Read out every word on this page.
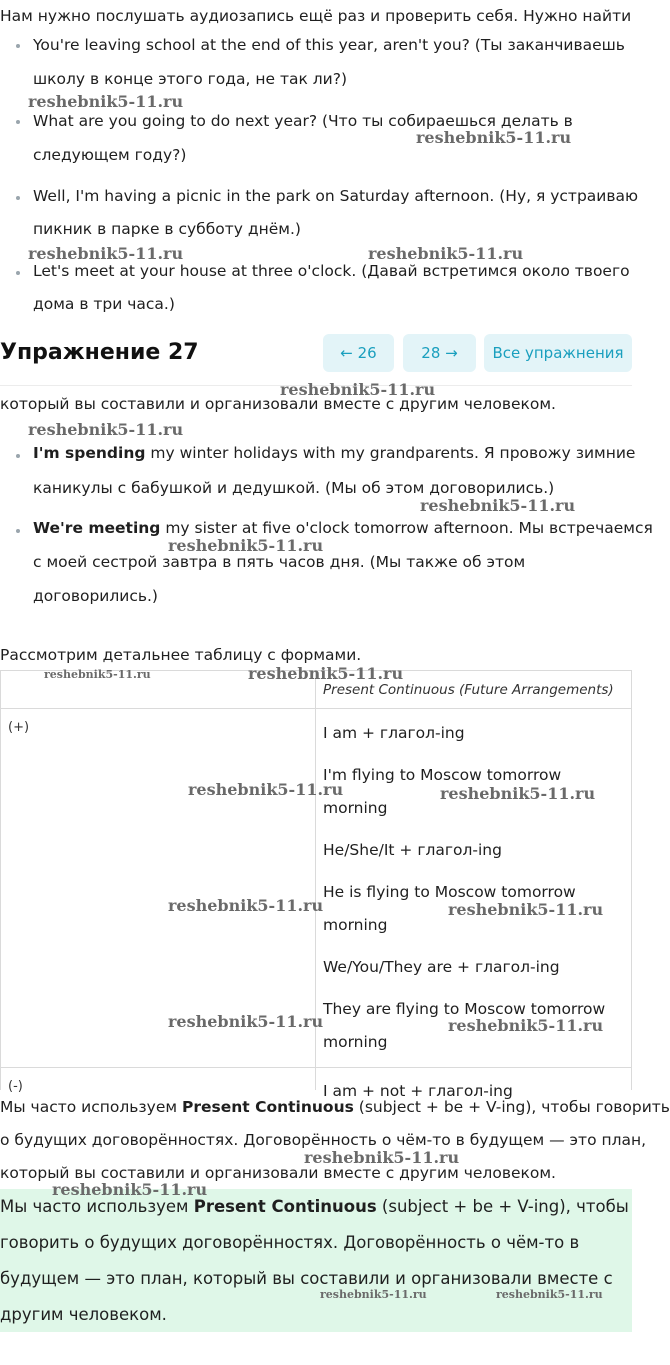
Нам нужно послушать аудиозапись ещё раз и проверить себя. Нужно найти
You're leaving school at the end of this year, aren't you? (Ты заканчиваешь
школу в конце этого года, не так ли?)
What are you going to do next year? (Что ты собираешься делать в
следующем году?)
Well, I'm having a picnic in the park on Saturday afternoon. (Ну, я устраиваю
пикник в парке в субботу днём.)
Let's meet at your house at three o'clock. (Давай встретимся около твоего
дома в три часа.)
Упражнение 27	← 26	28 →	Все упражнения
который вы составили и организовали вместе с другим человеком.
I'm spending my winter holidays with my grandparents. Я провожу зимние
каникулы с бабушкой и дедушкой. (Мы об этом договорились.)
We're meeting my sister at five o'clock tomorrow afternoon. Мы встречаемся
с моей сестрой завтра в пять часов дня. (Мы также об этом
договорились.)
Рассмотрим детальнее таблицу с формами.
Present Continuous (Future Arrangements)
(+)	I am + глагол-ing
I'm flying to Moscow tomorrow
morning
He/She/It + глагол-ing
He is flying to Moscow tomorrow
morning
We/You/They are + глагол-ing
They are flying to Moscow tomorrow
morning
(-)	I am + not + глагол-ing
Мы часто используем Present Continuous (subject + be + V-ing), чтобы говорить
о будущих договорённостях. Договорённость о чём-то в будущем — это план,
который вы составили и организовали вместе с другим человеком.
Мы часто используем Present Continuous (subject + be + V-ing), чтобы
говорить о будущих договорённостях. Договорённость о чём-то в
будущем — это план, который вы составили и организовали вместе с
другим человеком.
reshebnik5-11.ru
reshebnik5-11.ru
reshebnik5-11.ru	reshebnik5-11.ru
reshebnik5-11.ru
reshebnik5-11.ru
reshebnik5-11.ru
reshebnik5-11.ru
reshebnik5-11.ru	reshebnik5-11.ru
reshebnik5-11.ru	reshebnik5-11.ru
reshebnik5-11.ru	reshebnik5-11.ru
reshebnik5-11.ru	reshebnik5-11.ru
reshebnik5-11.ru
reshebnik5-11.ru
reshebnik5-11.ru	reshebnik5-11.ru
